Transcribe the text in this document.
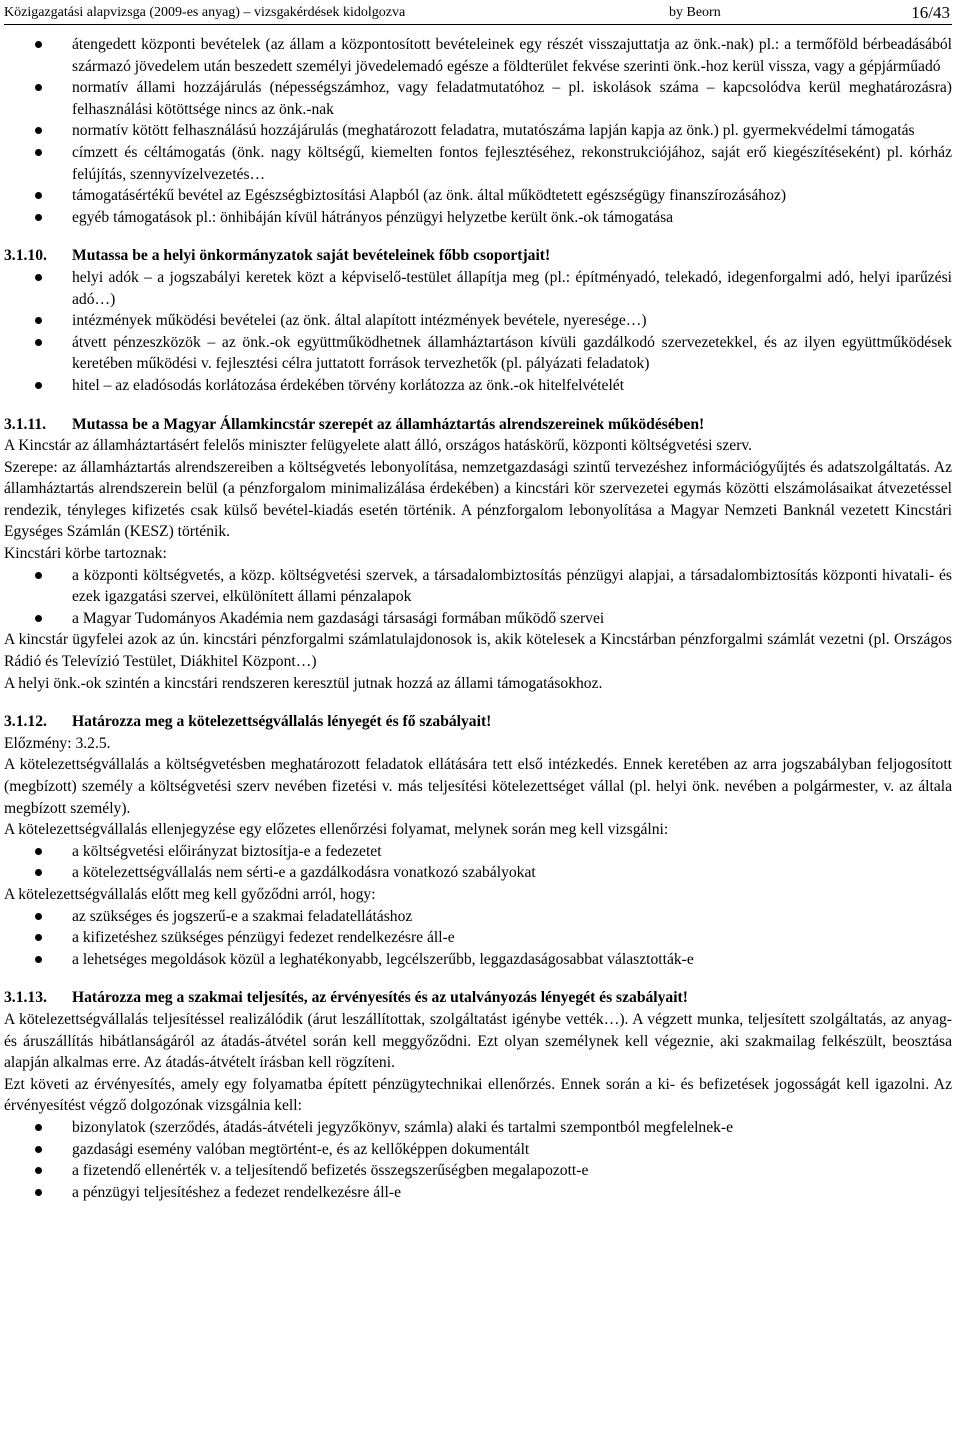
Közigazgatási alapvizsga (2009-es anyag) – vizsgakérdések kidolgozva	by Beorn	16/43
átengedett központi bevételek (az állam a központosított bevételeinek egy részét visszajuttatja az önk.-nak) pl.: a termőföld bérbeadásából származó jövedelem után beszedett személyi jövedelemadó egésze a földterület fekvése szerinti önk.-hoz kerül vissza, vagy a gépjárműadó
normatív állami hozzájárulás (népességszámhoz, vagy feladatmutatóhoz – pl. iskolások száma – kapcsolódva kerül meghatározásra) felhasználási kötöttsége nincs az önk.-nak
normatív kötött felhasználású hozzájárulás (meghatározott feladatra, mutatószáma lapján kapja az önk.) pl. gyermekvédelmi támogatás
címzett és céltámogatás (önk. nagy költségű, kiemelten fontos fejlesztéséhez, rekonstrukciójához, saját erő kiegészítéseként) pl. kórház felújítás, szennyvízelvezetés…
támogatásértékű bevétel az Egészségbiztosítási Alapból (az önk. által működtetett egészségügy finanszírozásához)
egyéb támogatások pl.: önhibáján kívül hátrányos pénzügyi helyzetbe került önk.-ok támogatása
3.1.10. Mutassa be a helyi önkormányzatok saját bevételeinek főbb csoportjait!
helyi adók – a jogszabályi keretek közt a képviselő-testület állapítja meg (pl.: építményadó, telekadó, idegenforgalmi adó, helyi iparűzési adó…)
intézmények működési bevételei (az önk. által alapított intézmények bevétele, nyeresége…)
átvett pénzeszközök – az önk.-ok együttműködhetnek államháztartáson kívüli gazdálkodó szervezetekkel, és az ilyen együttműködések keretében működési v. fejlesztési célra juttatott források tervezhetők (pl. pályázati feladatok)
hitel – az eladósodás korlátozása érdekében törvény korlátozza az önk.-ok hitelfelvételét
3.1.11. Mutassa be a Magyar Államkincstár szerepét az államháztartás alrendszereinek működésében!
A Kincstár az államháztartásért felelős miniszter felügyelete alatt álló, országos hatáskörű, központi költségvetési szerv.
Szerepe: az államháztartás alrendszereiben a költségvetés lebonyolítása, nemzetgazdasági szintű tervezéshez információgyűjtés és adatszolgáltatás. Az államháztartás alrendszerein belül (a pénzforgalom minimalizálása érdekében) a kincstári kör szervezetei egymás közötti elszámolásaikat átvezetéssel rendezik, tényleges kifizetés csak külső bevétel-kiadás esetén történik. A pénzforgalom lebonyolítása a Magyar Nemzeti Banknál vezetett Kincstári Egységes Számlán (KESZ) történik.
Kincstári körbe tartoznak:
a központi költségvetés, a közp. költségvetési szervek, a társadalombiztosítás pénzügyi alapjai, a társadalombiztosítás központi hivatali- és ezek igazgatási szervei, elkülönített állami pénzalapok
a Magyar Tudományos Akadémia nem gazdasági társasági formában működő szervei
A kincstár ügyfelei azok az ún. kincstári pénzforgalmi számlatulajdonosok is, akik kötelesek a Kincstárban pénzforgalmi számlát vezetni (pl. Országos Rádió és Televízió Testület, Diákhitel Központ…)
A helyi önk.-ok szintén a kincstári rendszeren keresztül jutnak hozzá az állami támogatásokhoz.
3.1.12. Határozza meg a kötelezettségvállalás lényegét és fő szabályait!
Előzmény: 3.2.5.
A kötelezettségvállalás a költségvetésben meghatározott feladatok ellátására tett első intézkedés. Ennek keretében az arra jogszabályban feljogosított (megbízott) személy a költségvetési szerv nevében fizetési v. más teljesítési kötelezettséget vállal (pl. helyi önk. nevében a polgármester, v. az általa megbízott személy).
A kötelezettségvállalás ellenjegyzése egy előzetes ellenőrzési folyamat, melynek során meg kell vizsgálni:
a költségvetési előirányzat biztosítja-e a fedezetet
a kötelezettségvállalás nem sérti-e a gazdálkodásra vonatkozó szabályokat
A kötelezettségvállalás előtt meg kell győződni arról, hogy:
az szükséges és jogszerű-e a szakmai feladatellátáshoz
a kifizetéshez szükséges pénzügyi fedezet rendelkezésre áll-e
a lehetséges megoldások közül a leghatékonyabb, legcélszerűbb, leggazdaságosabbat választották-e
3.1.13. Határozza meg a szakmai teljesítés, az érvényesítés és az utalványozás lényegét és szabályait!
A kötelezettségvállalás teljesítéssel realizálódik (árut leszállítottak, szolgáltatást igénybe vették…). A végzett munka, teljesített szolgáltatás, az anyag- és áruszállítás hibátlanságáról az átadás-átvétel során kell meggyőződni. Ezt olyan személynek kell végeznie, aki szakmailag felkészült, beosztása alapján alkalmas erre. Az átadás-átvételt írásban kell rögzíteni.
Ezt követi az érvényesítés, amely egy folyamatba épített pénzügytechnikai ellenőrzés. Ennek során a ki- és befizetések jogosságát kell igazolni. Az érvényesítést végző dolgozónak vizsgálnia kell:
bizonylatok (szerződés, átadás-átvételi jegyzőkönyv, számla) alaki és tartalmi szempontból megfelelnek-e
gazdasági esemény valóban megtörtént-e, és az kellőképpen dokumentált
a fizetendő ellenérték v. a teljesítendő befizetés összegszerűségben megalapozott-e
a pénzügyi teljesítéshez a fedezet rendelkezésre áll-e
